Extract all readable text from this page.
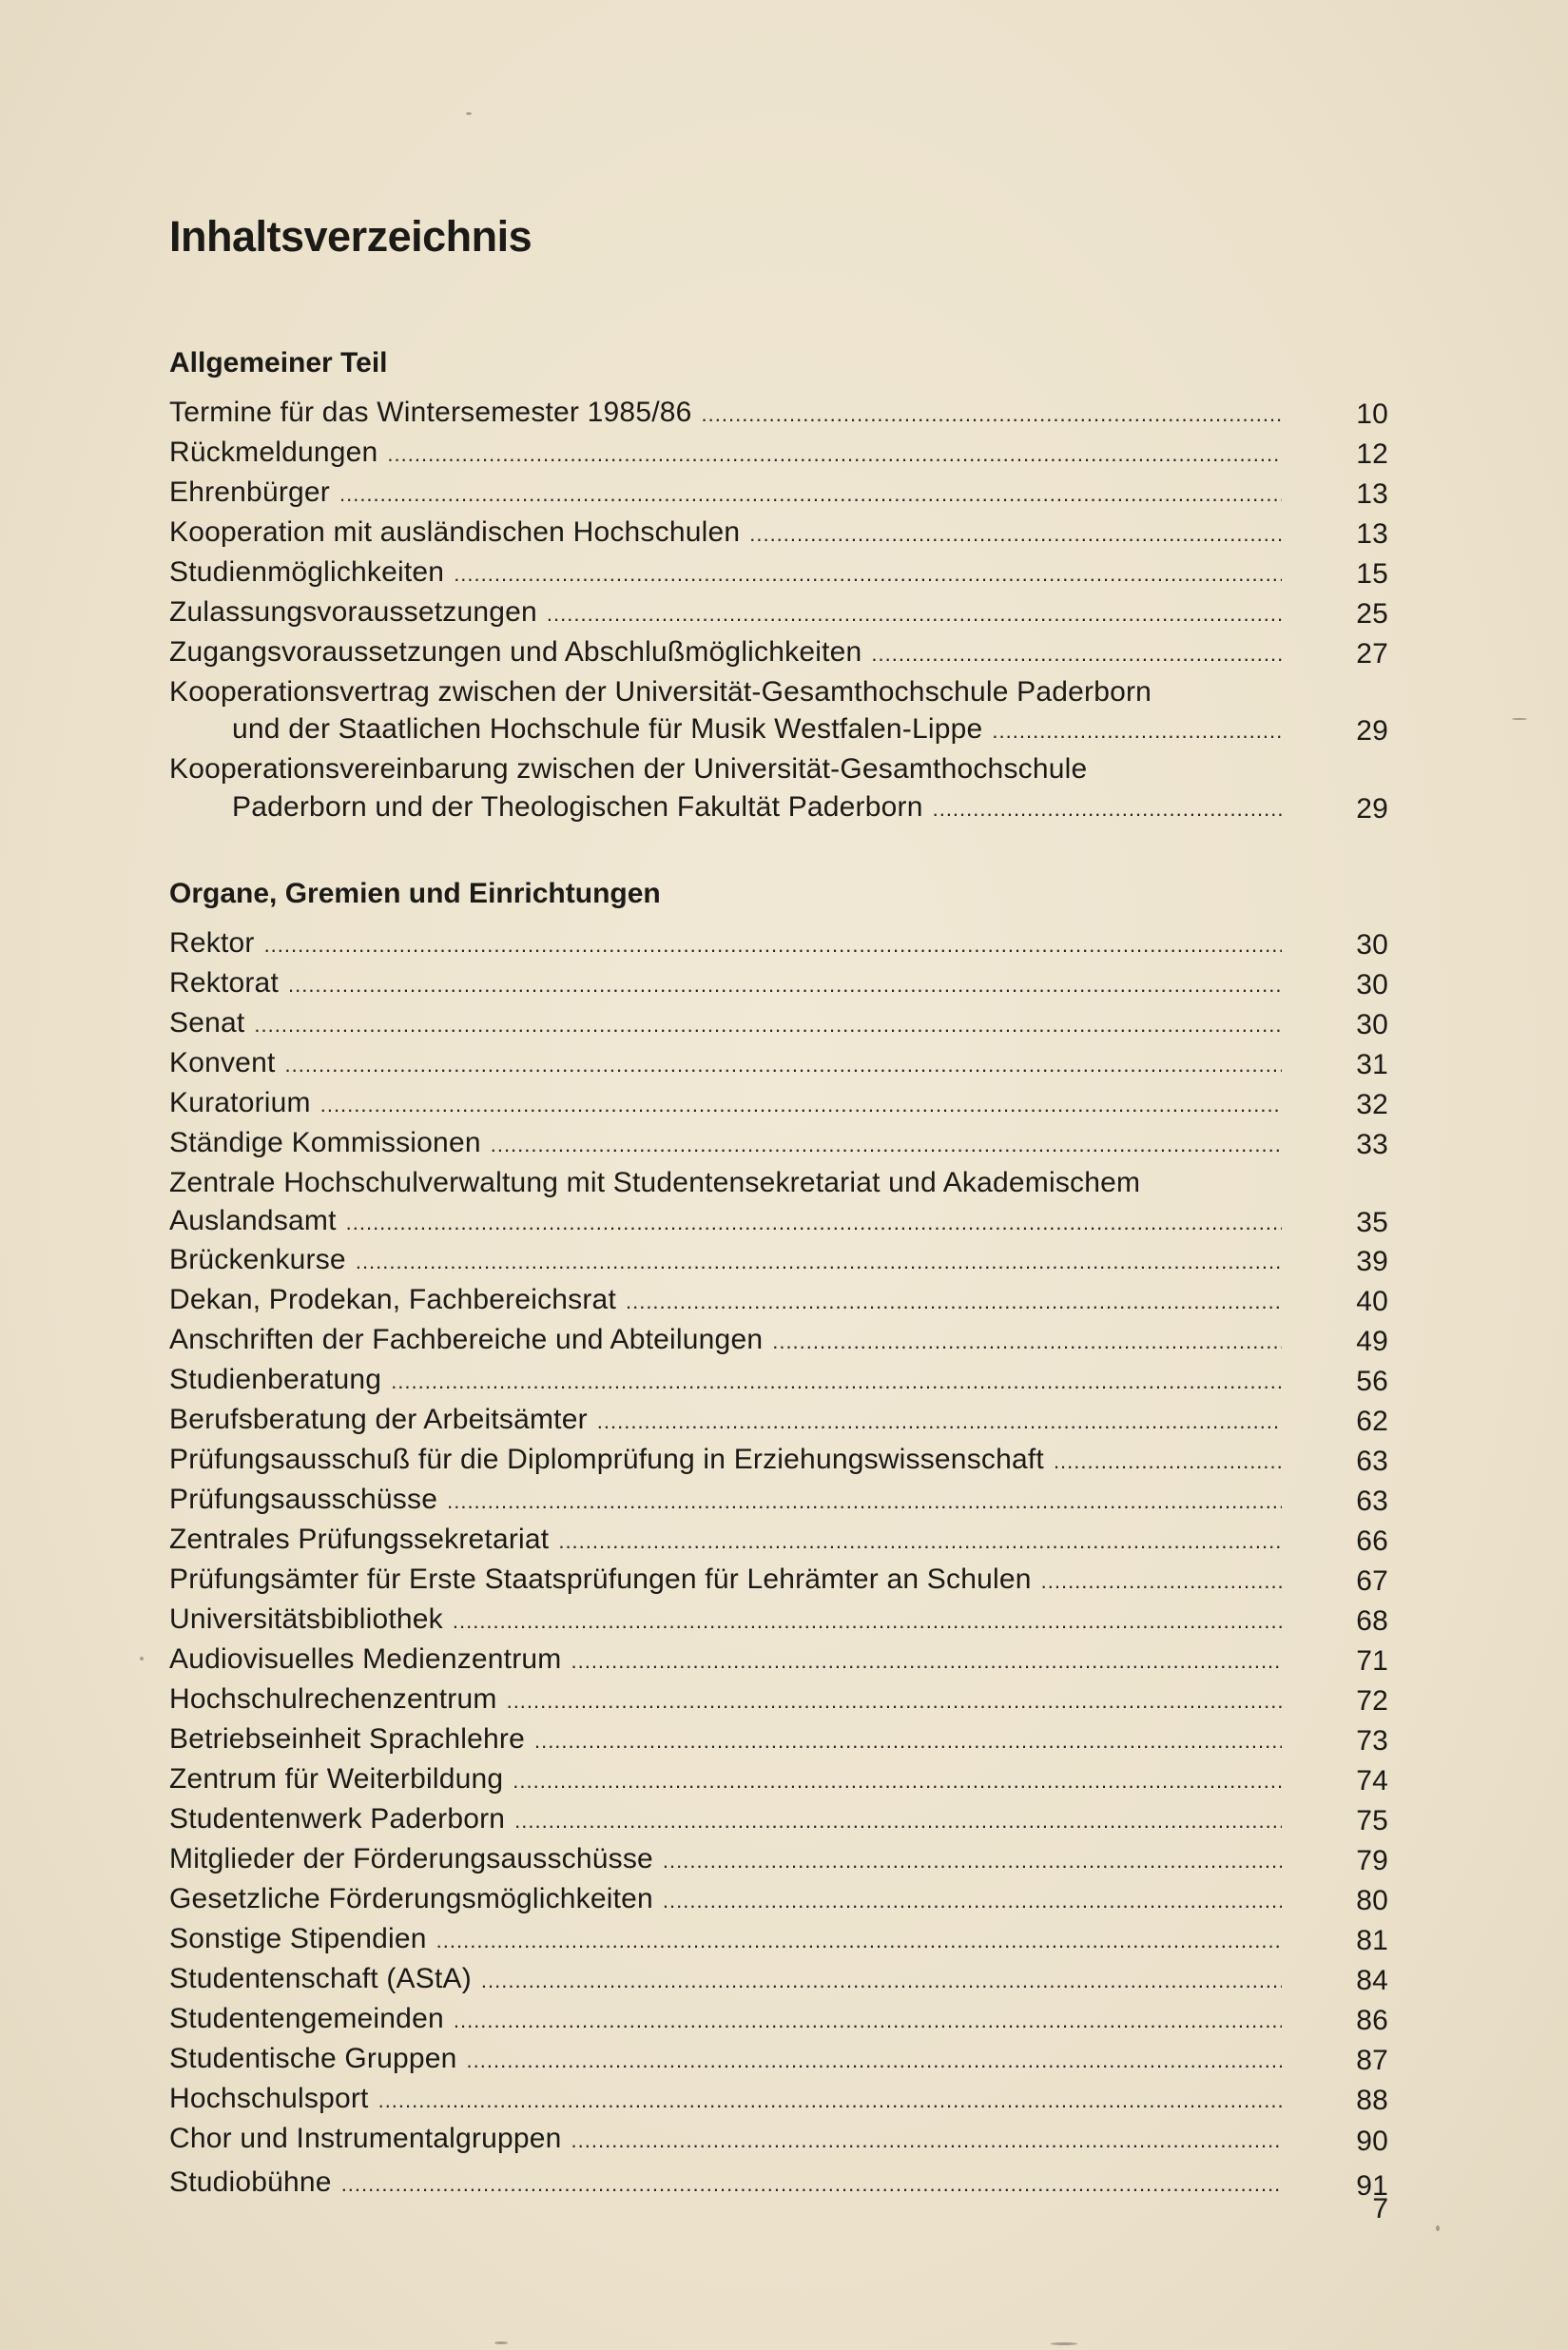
Inhaltsverzeichnis
Allgemeiner Teil
Termine für das Wintersemester 1985/86 .....	10
Rückmeldungen .....	12
Ehrenbürger .....	13
Kooperation mit ausländischen Hochschulen .....	13
Studienmöglichkeiten .....	15
Zulassungsvoraussetzungen .....	25
Zugangsvoraussetzungen und Abschlußmöglichkeiten .....	27
Kooperationsvertrag zwischen der Universität-Gesamthochschule Paderborn
und der Staatlichen Hochschule für Musik Westfalen-Lippe .....	29
Kooperationsvereinbarung zwischen der Universität-Gesamthochschule
Paderborn und der Theologischen Fakultät Paderborn .....	29
Organe, Gremien und Einrichtungen
Rektor .....	30
Rektorat .....	30
Senat .....	30
Konvent .....	31
Kuratorium .....	32
Ständige Kommissionen .....	33
Zentrale Hochschulverwaltung mit Studentensekretariat und Akademischem
Auslandsamt .....	35
Brückenkurse .....	39
Dekan, Prodekan, Fachbereichsrat .....	40
Anschriften der Fachbereiche und Abteilungen .....	49
Studienberatung .....	56
Berufsberatung der Arbeitsämter .....	62
Prüfungsausschuß für die Diplomprüfung in Erziehungswissenschaft .....	63
Prüfungsausschüsse .....	63
Zentrales Prüfungssekretariat .....	66
Prüfungsämter für Erste Staatsprüfungen für Lehrämter an Schulen .....	67
Universitätsbibliothek .....	68
Audiovisuelles Medienzentrum .....	71
Hochschulrechenzentrum .....	72
Betriebseinheit Sprachlehre .....	73
Zentrum für Weiterbildung .....	74
Studentenwerk Paderborn .....	75
Mitglieder der Förderungsausschüsse .....	79
Gesetzliche Förderungsmöglichkeiten .....	80
Sonstige Stipendien .....	81
Studentenschaft (AStA) .....	84
Studentengemeinden .....	86
Studentische Gruppen .....	87
Hochschulsport .....	88
Chor und Instrumentalgruppen .....	90
Studiobühne .....	91
7
